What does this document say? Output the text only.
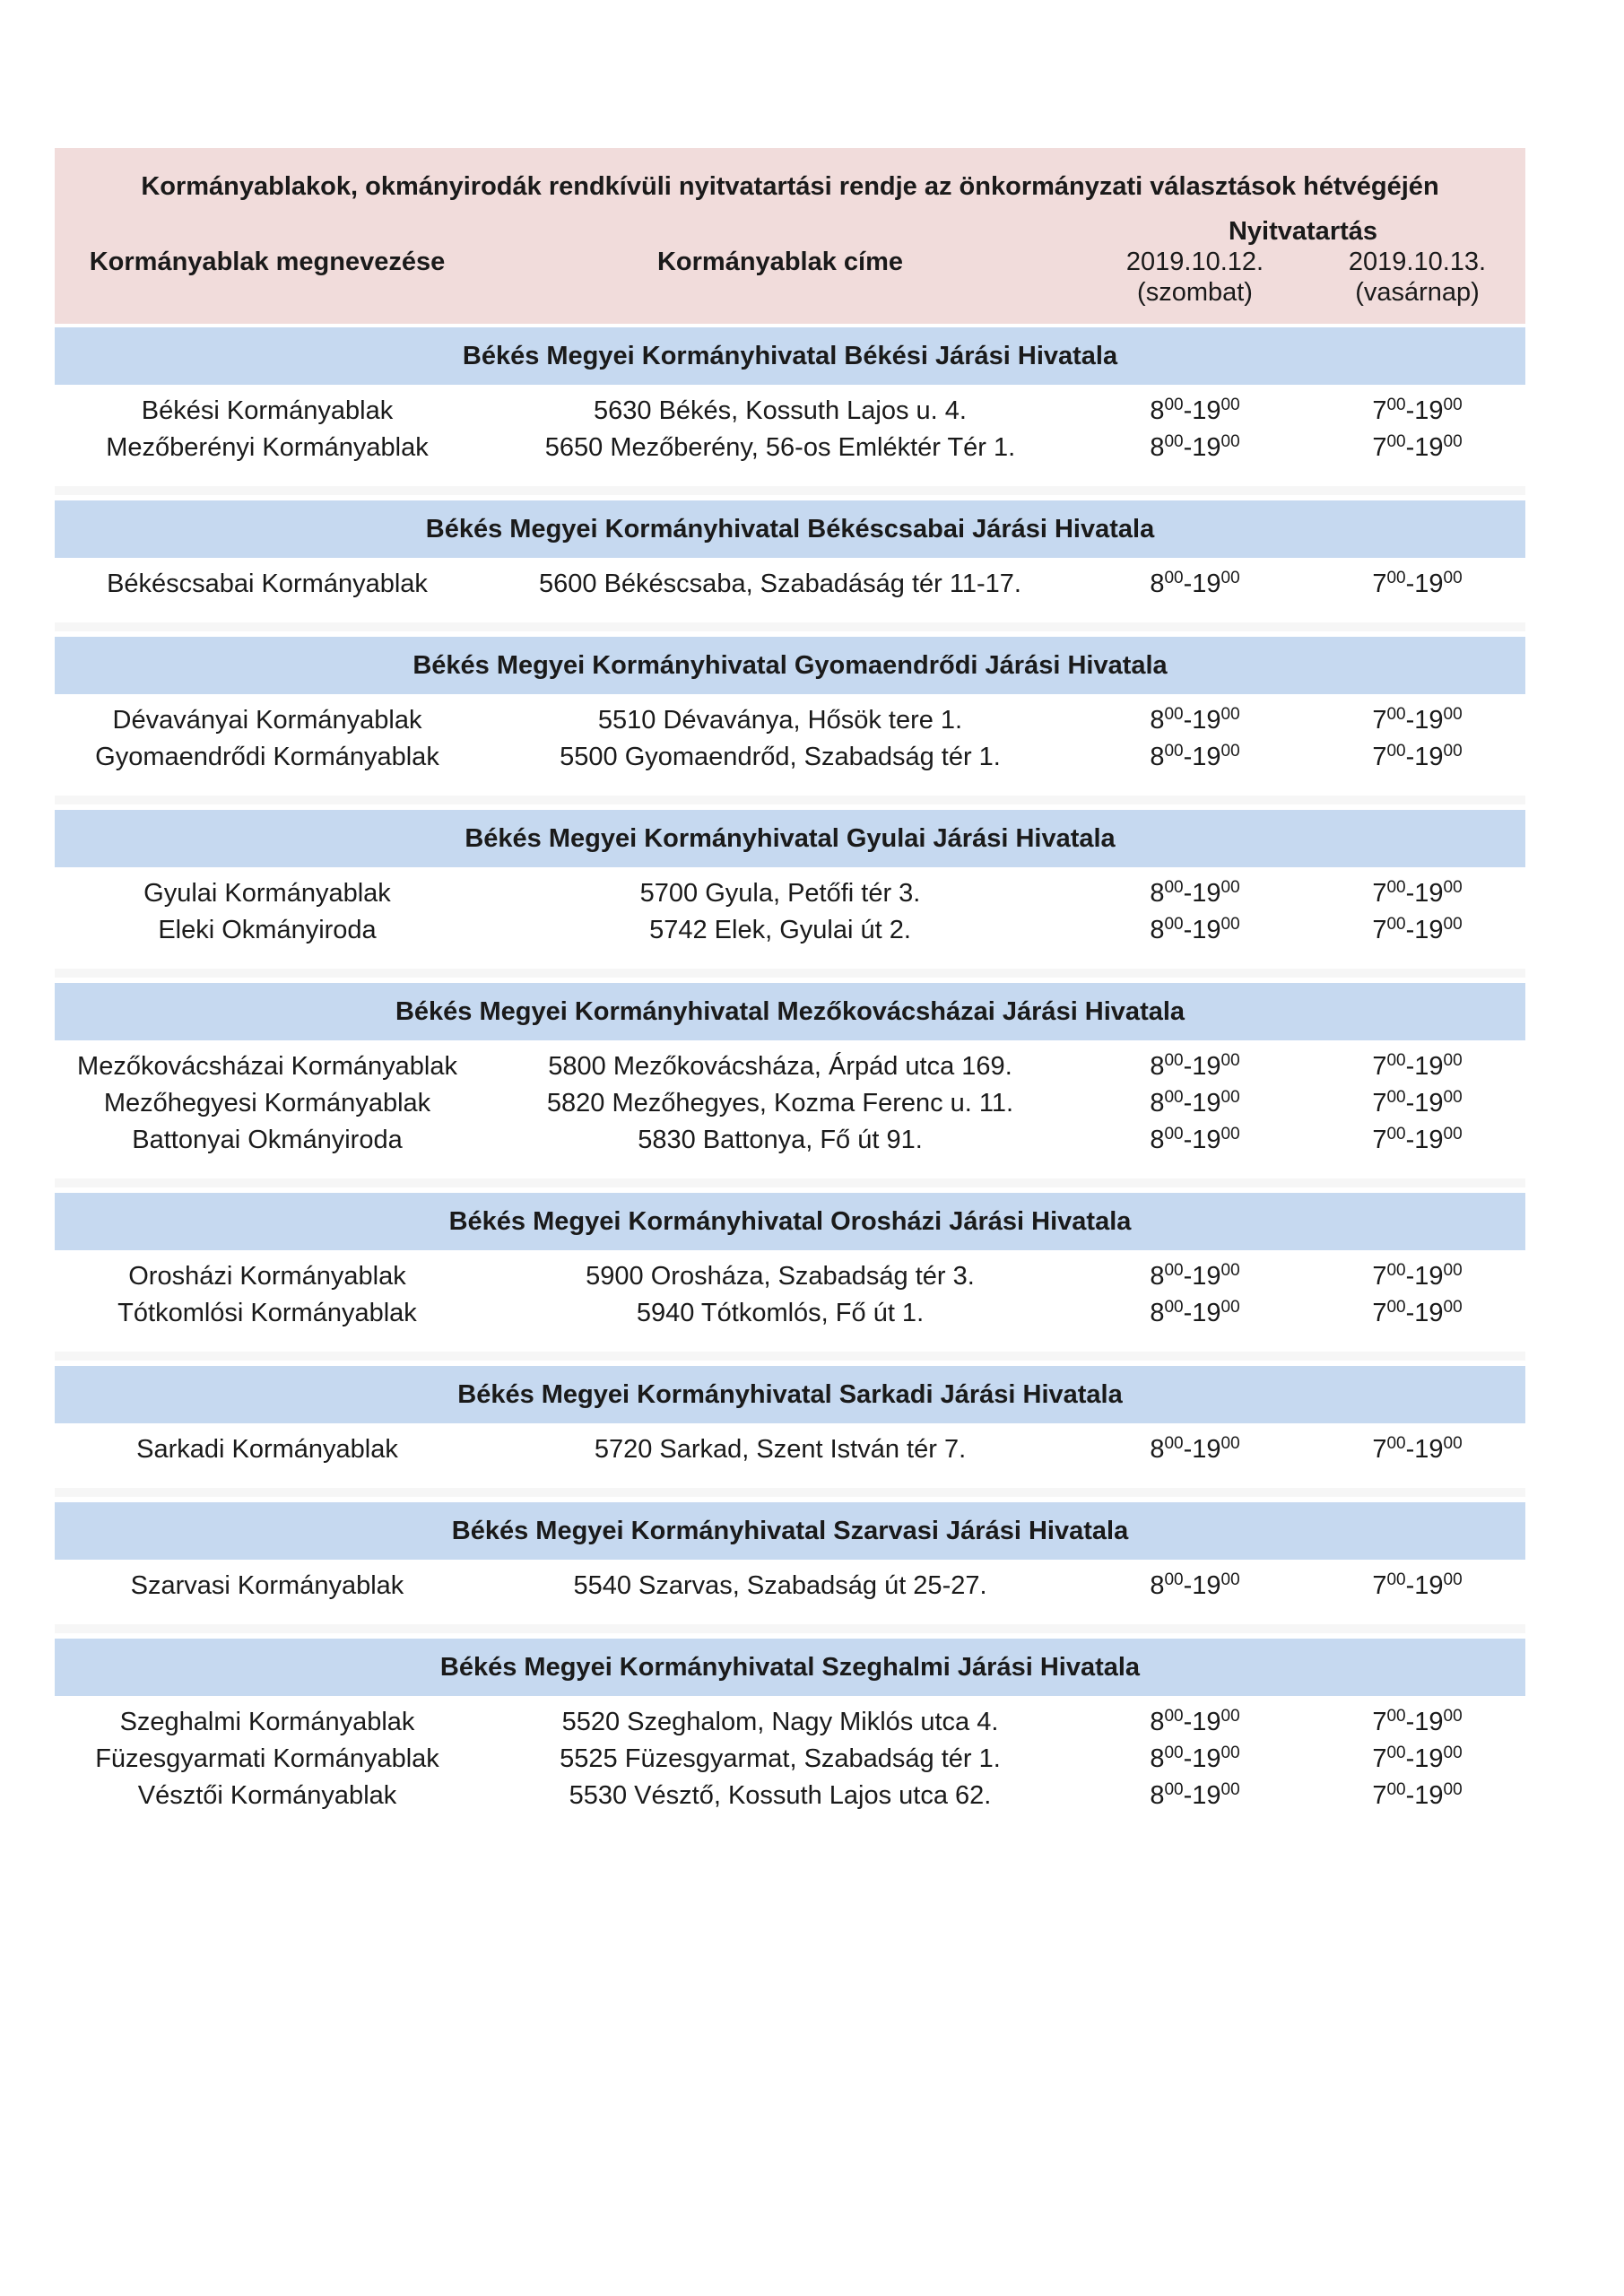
Kormányablakok, okmányirodák rendkívüli nyitvatartási rendje az önkormányzati választások hétvégéjén
Nyitvatartás
Kormányablak megnevezése	Kormányablak címe	2019.10.12.	2019.10.13.
(szombat)	(vasárnap)
Békés Megyei Kormányhivatal Békési Járási Hivatala
Békési Kormányablak	5630 Békés, Kossuth Lajos u. 4.	$8^{00}-19^{00}$	$7^{00}-19^{00}$
Mezőberényi Kormányablak	5650 Mezőberény, 56-os Emléktér Tér 1.	$8^{00}-19^{00}$	$7^{00}-19^{00}$
Békés Megyei Kormányhivatal Békéscsabai Járási Hivatala
Békéscsabai Kormányablak	5600 Békéscsaba, Szabadáság tér 11-17.	$8^{00}-19^{00}$	$7^{00}-19^{00}$
Békés Megyei Kormányhivatal Gyomaendrődi Járási Hivatala
Dévaványai Kormányablak	5510 Dévaványa, Hősök tere 1.	$8^{00}-19^{00}$	$7^{00}-19^{00}$
Gyomaendrődi Kormányablak	5500 Gyomaendrőd, Szabadság tér 1.	$8^{00}-19^{00}$	$7^{00}-19^{00}$
Békés Megyei Kormányhivatal Gyulai Járási Hivatala
Gyulai Kormányablak	5700 Gyula, Petőfi tér 3.	$8^{00}-19^{00}$	$7^{00}-19^{00}$
Eleki Okmányiroda	5742 Elek, Gyulai út 2.	$8^{00}-19^{00}$	$7^{00}-19^{00}$
Békés Megyei Kormányhivatal Mezőkovácsházai Járási Hivatala
Mezőkovácsházai Kormányablak	5800 Mezőkovácsháza, Árpád utca 169.	$8^{00}-19^{00}$	$7^{00}-19^{00}$
Mezőhegyesi Kormányablak	5820 Mezőhegyes, Kozma Ferenc u. 11.	$8^{00}-19^{00}$	$7^{00}-19^{00}$
Battonyai Okmányiroda	5830 Battonya, Fő út 91.	$8^{00}-19^{00}$	$7^{00}-19^{00}$
Békés Megyei Kormányhivatal Orosházi Járási Hivatala
Orosházi Kormányablak	5900 Orosháza, Szabadság tér 3.	$8^{00}-19^{00}$	$7^{00}-19^{00}$
Tótkomlósi Kormányablak	5940 Tótkomlós, Fő út 1.	$8^{00}-19^{00}$	$7^{00}-19^{00}$
Békés Megyei Kormányhivatal Sarkadi Járási Hivatala
Sarkadi Kormányablak	5720 Sarkad, Szent István tér 7.	$8^{00}-19^{00}$	$7^{00}-19^{00}$
Békés Megyei Kormányhivatal Szarvasi Járási Hivatala
Szarvasi Kormányablak	5540 Szarvas, Szabadság út 25-27.	$8^{00}-19^{00}$	$7^{00}-19^{00}$
Békés Megyei Kormányhivatal Szeghalmi Járási Hivatala
Szeghalmi Kormányablak	5520 Szeghalom, Nagy Miklós utca 4.	$8^{00}-19^{00}$	$7^{00}-19^{00}$
Füzesgyarmati Kormányablak	5525 Füzesgyarmat, Szabadság tér 1.	$8^{00}-19^{00}$	$7^{00}-19^{00}$
Vésztői Kormányablak	5530 Vésztő, Kossuth Lajos utca 62.	$8^{00}-19^{00}$	$7^{00}-19^{00}$
